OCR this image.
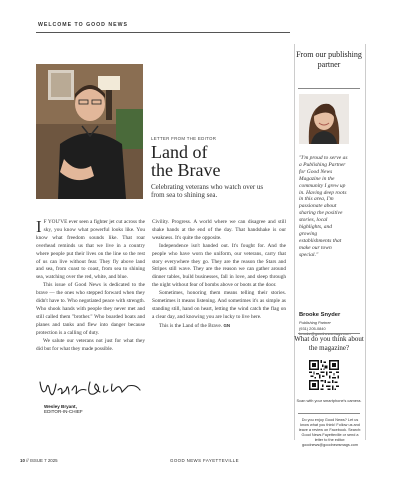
WELCOME TO GOOD NEWS
LETTER FROM THE EDITOR
Land of
the Brave
Celebrating veterans who watch over us from sea to shining sea.

I F YOU'VE ever seen a fighter jet cut across the sky, you know what powerful looks like. You know what freedom sounds like. That roar overhead reminds us that we live in a country where people put their lives on the line so the rest of us can live without fear. They fly above land and sea, from coast to coast, from sea to shining sea, watching over the red, white, and blue.

This issue of Good News is dedicated to the brave — the ones who stepped forward when they didn't have to. Who negotiated peace with strength. Who shook hands with people they never met and still called them "brother." Who boarded boats and planes and tanks and flew into danger because protection is a calling of duty.

We salute our veterans not just for what they did but for what they made possible.

Civility. Progress. A world where we can disagree and still shake hands at the end of the day. That handshake is our weakness. It's quite the opposite.

Independence isn't handed out. It's fought for. And the people who have worn the uniform, our veterans, carry that story everywhere they go. They are the reason the Stars and Stripes still wave. They are the reason we can gather around dinner tables, build businesses, fall in love, and sleep through the night without fear of bombs above or boots at the door.

Sometimes, honoring them means telling their stories. Sometimes it means listening. And sometimes it's as simple as standing still, hand on heart, letting the wind catch the flag on a clear day, and knowing you are lucky to live here.

This is the Land of the Brave. GN

Wesley Bryant,
EDITOR-IN-CHIEF
From our publishing partner
"I'm proud to serve as a Publishing Partner for Good News Magazine in the community I grew up in. Having deep roots in this area, I'm passionate about sharing the positive stories, local highlights, and growing establishments that make our town special."
Brooke Snyder
Publishing Partner
(931) 205-0840
brooke@goodnewsmags.com
What do you think about the magazine?
Scan with your smartphone's camera.
Do you enjoy Good News? Let us know what you think! Follow us and leave a review on Facebook. Search: Good News Fayetteville or send a letter to the editor: goodnews@goodnewsmags.com
10 // ISSUE 7 2025	GOOD NEWS FAYETTEVILLE
